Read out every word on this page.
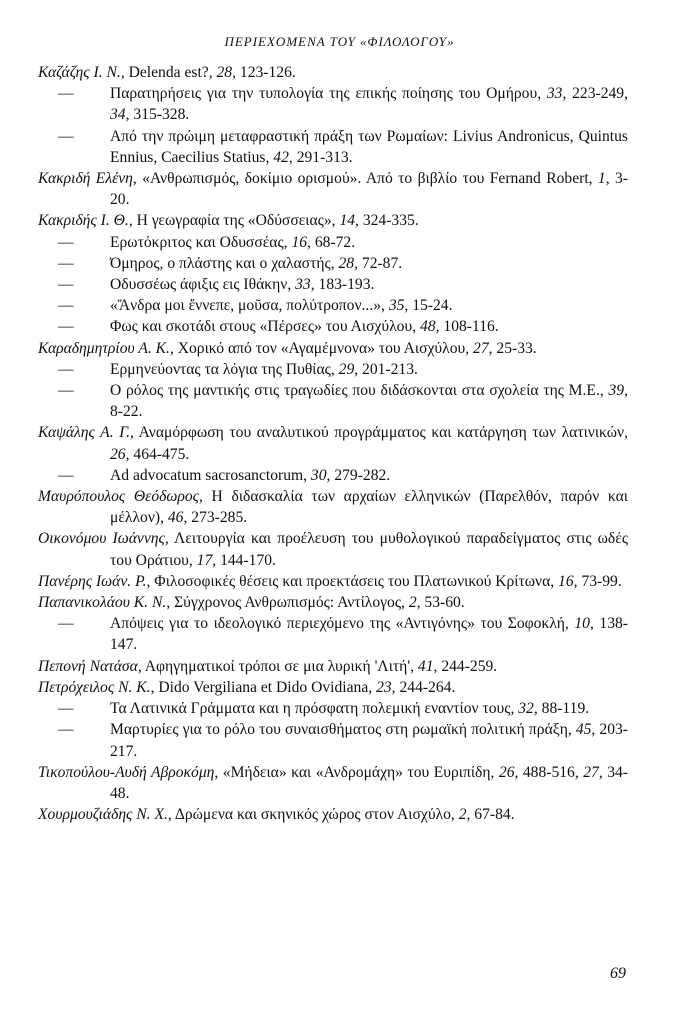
ΠΕΡΙΕΧΟΜΕΝΑ ΤΟΥ «ΦΙΛΟΛΟΓΟΥ»
Καζάζης Ι. Ν., Delenda est?, 28, 123-126.
— Παρατηρήσεις για την τυπολογία της επικής ποίησης του Ομήρου, 33, 223-249, 34, 315-328.
— Από την πρώιμη μεταφραστική πράξη των Ρωμαίων: Livius Andronicus, Quintus Ennius, Caecilius Statius, 42, 291-313.
Κακριδή Ελένη, «Ανθρωπισμός, δοκίμιο ορισμού». Από το βιβλίο του Fernand Robert, 1, 3-20.
Κακριδής Ι. Θ., Η γεωγραφία της «Οδύσσειας», 14, 324-335.
— Ερωτόκριτος και Οδυσσέας, 16, 68-72.
— Όμηρος, ο πλάστης και ο χαλαστής, 28, 72-87.
— Οδυσσέως άφιξις εις Ιθάκην, 33, 183-193.
— «Ἄνδρα μοι ἔννεπε, μοῦσα, πολύτροπον...», 35, 15-24.
— Φως και σκοτάδι στους «Πέρσες» του Αισχύλου, 48, 108-116.
Καραδημητρίου Α. Κ., Χορικό από τον «Αγαμέμνονα» του Αισχύλου, 27, 25-33.
— Ερμηνεύοντας τα λόγια της Πυθίας, 29, 201-213.
— Ο ρόλος της μαντικής στις τραγωδίες που διδάσκονται στα σχολεία της Μ.Ε., 39, 8-22.
Καψάλης Α. Γ., Αναμόρφωση του αναλυτικού προγράμματος και κατάργηση των λατινικών, 26, 464-475.
— Ad advocatum sacrosanctorum, 30, 279-282.
Μαυρόπουλος Θεόδωρος, Η διδασκαλία των αρχαίων ελληνικών (Παρελθόν, παρόν και μέλλον), 46, 273-285.
Οικονόμου Ιωάννης, Λειτουργία και προέλευση του μυθολογικού παραδείγματος στις ωδές του Οράτιου, 17, 144-170.
Πανέρης Ιωάν. Ρ., Φιλοσοφικές θέσεις και προεκτάσεις του Πλατωνικού Κρίτωνα, 16, 73-99.
Παπανικολάου Κ. Ν., Σύγχρονος Ανθρωπισμός: Αντίλογος, 2, 53-60.
— Απόψεις για το ιδεολογικό περιεχόμενο της «Αντιγόνης» του Σοφοκλή, 10, 138-147.
Πεπονή Νατάσα, Αφηγηματικοί τρόποι σε μια λυρική 'Λιτή', 41, 244-259.
Πετρόχειλος Ν. Κ., Dido Vergiliana et Dido Ovidiana, 23, 244-264.
— Τα Λατινικά Γράμματα και η πρόσφατη πολεμική εναντίον τους, 32, 88-119.
— Μαρτυρίες για το ρόλο του συναισθήματος στη ρωμαϊκή πολιτική πράξη, 45, 203-217.
Τικοπούλου-Αυδή Αβροκόμη, «Μήδεια» και «Ανδρομάχη» του Ευριπίδη, 26, 488-516, 27, 34-48.
Χουρμουζιάδης Ν. Χ., Δρώμενα και σκηνικός χώρος στον Αισχύλο, 2, 67-84.
69
